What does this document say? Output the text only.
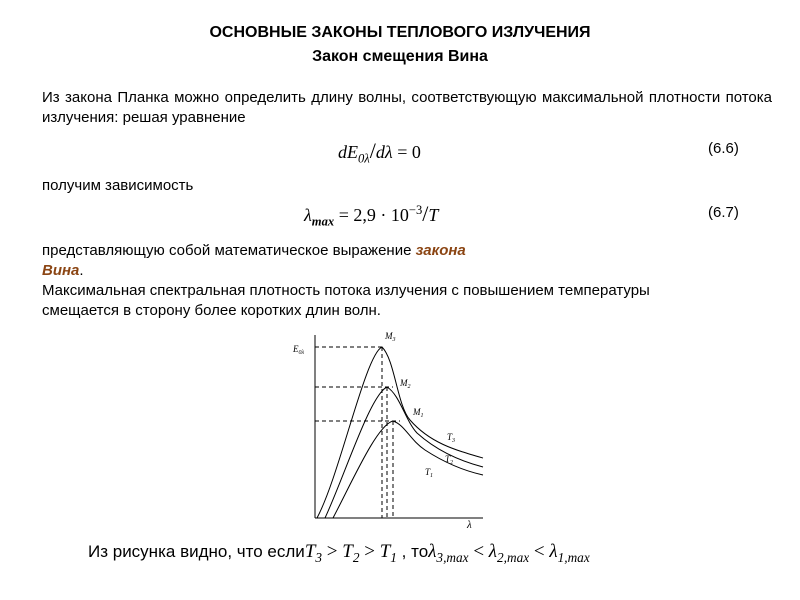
ОСНОВНЫЕ ЗАКОНЫ ТЕПЛОВОГО ИЗЛУЧЕНИЯ
Закон смещения Вина
Из закона Планка можно определить длину волны, соответствующую максимальной плотности потока излучения: решая уравнение
$dE_{0\lambda}/d\lambda = 0$	(6.6)
получим зависимость
$\lambda_{max} = 2,9 \cdot 10^{-3}/T$	(6.7)
представляющую собой математическое выражение закона
Вина.
Максимальная спектральная плотность потока излучения с повышением температуры смещается в сторону более коротких длин волн.
$E_{0\lambda}$
λ
$M_3$
$M_2$
$M_1$
$T_3$
$T_2$
$T_1$
Из рисунка видно, что еслиT$_3$ > $T_2 > T_1$ , $то\lambda_{3,max} < \lambda_{2,max} < \lambda_{1,max}$
